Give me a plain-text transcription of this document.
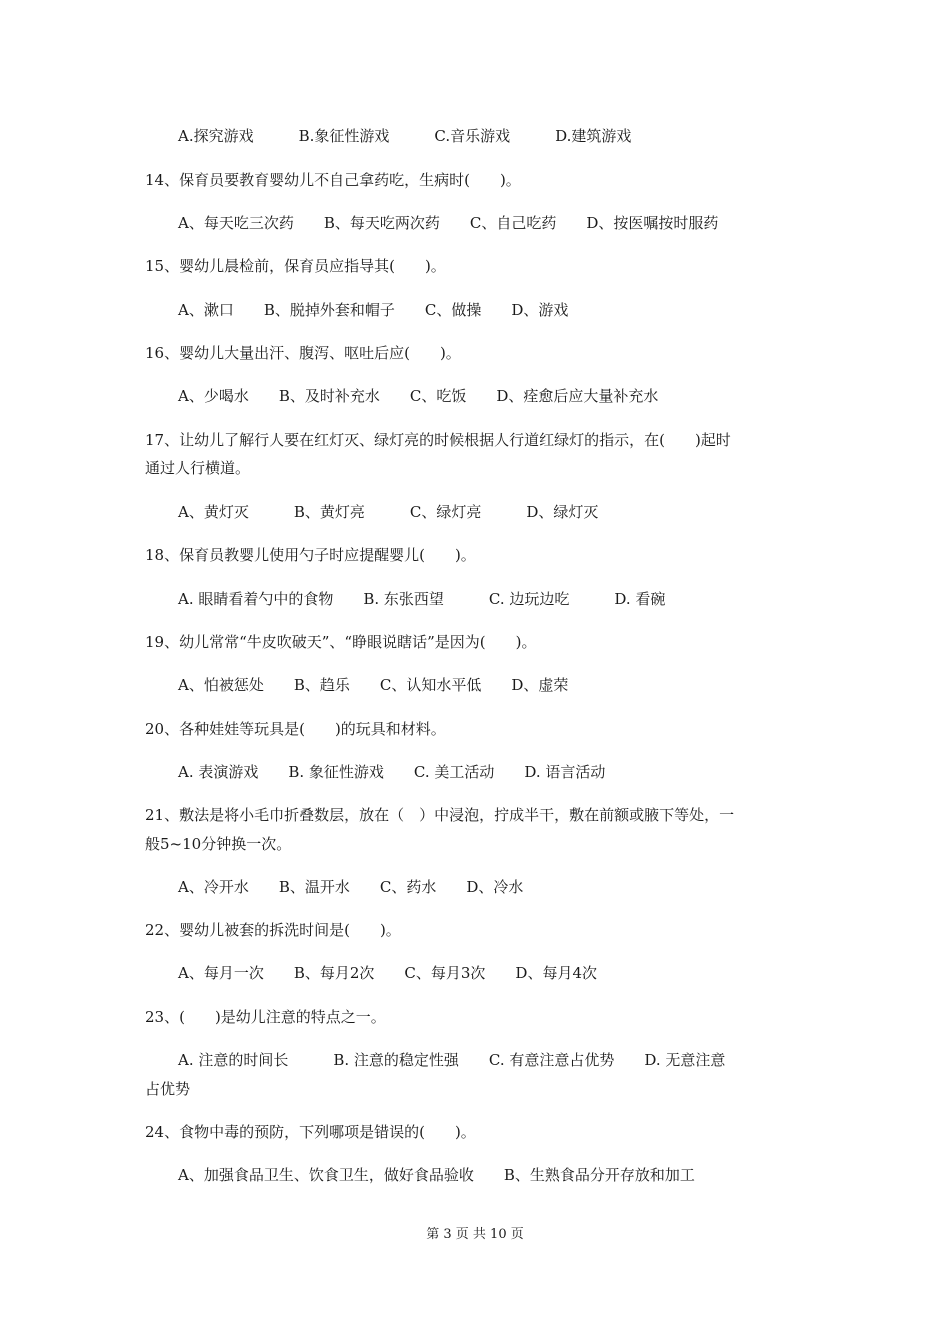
A.探究游戏　　　B.象征性游戏　　　C.音乐游戏　　　D.建筑游戏
14、保育员要教育婴幼儿不自己拿药吃，生病时(　　)。
A、每天吃三次药　　B、每天吃两次药　　C、自己吃药　　D、按医嘱按时服药
15、婴幼儿晨检前，保育员应指导其(　　)。
A、漱口　　B、脱掉外套和帽子　　C、做操　　D、游戏
16、婴幼儿大量出汗、腹泻、呕吐后应(　　)。
A、少喝水　　B、及时补充水　　C、吃饭　　D、痊愈后应大量补充水
17、让幼儿了解行人要在红灯灭、绿灯亮的时候根据人行道红绿灯的指示，在(　　)起时
通过人行横道。
A、黄灯灭　　　B、黄灯亮　　　C、绿灯亮　　　D、绿灯灭
18、保育员教婴儿使用勺子时应提醒婴儿(　　)。
A. 眼睛看着勺中的食物　　B. 东张西望　　　C. 边玩边吃　　　D. 看碗
19、幼儿常常“牛皮吹破天”、“睁眼说瞎话”是因为(　　)。
A、怕被惩处　　B、趋乐　　C、认知水平低　　D、虚荣
20、各种娃娃等玩具是(　　)的玩具和材料。
A. 表演游戏　　B. 象征性游戏　　C. 美工活动　　D. 语言活动
21、敷法是将小毛巾折叠数层，放在（　）中浸泡，拧成半干，敷在前额或腋下等处，一
般5~10分钟换一次。
A、冷开水　　B、温开水　　C、药水　　D、冷水
22、婴幼儿被套的拆洗时间是(　　)。
A、每月一次　　B、每月2次　　C、每月3次　　D、每月4次
23、(　　)是幼儿注意的特点之一。
A. 注意的时间长　　　B. 注意的稳定性强　　C. 有意注意占优势　　D. 无意注意
占优势
24、食物中毒的预防，下列哪项是错误的(　　)。
A、加强食品卫生、饮食卫生，做好食品验收　　B、生熟食品分开存放和加工
第 3 页 共 10 页
